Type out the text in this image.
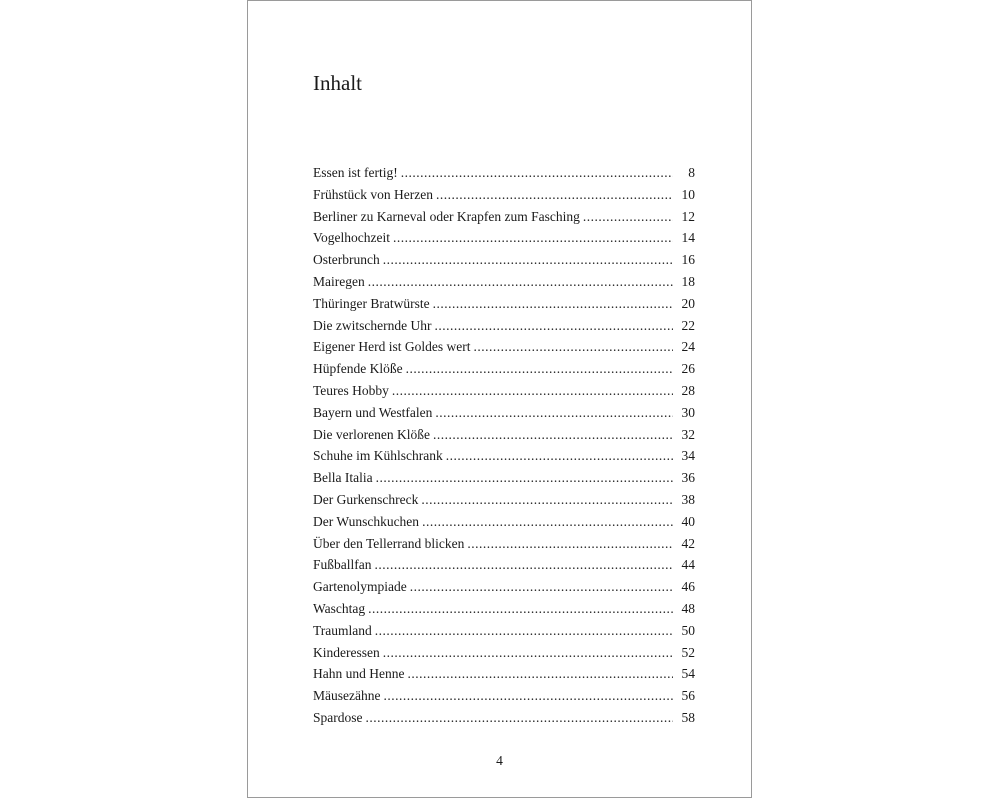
Inhalt
Essen ist fertig! .....	8
Frühstück von Herzen .....	10
Berliner zu Karneval oder Krapfen zum Fasching .....	12
Vogelhochzeit .....	14
Osterbrunch .....	16
Mairegen .....	18
Thüringer Bratwürste .....	20
Die zwitschernde Uhr .....	22
Eigener Herd ist Goldes wert .....	24
Hüpfende Klöße .....	26
Teures Hobby .....	28
Bayern und Westfalen .....	30
Die verlorenen Klöße .....	32
Schuhe im Kühlschrank .....	34
Bella Italia .....	36
Der Gurkenschreck .....	38
Der Wunschkuchen .....	40
Über den Tellerrand blicken .....	42
Fußballfan .....	44
Gartenolympiade .....	46
Waschtag .....	48
Traumland .....	50
Kinderessen .....	52
Hahn und Henne .....	54
Mäusezähne .....	56
Spardose .....	58
4
